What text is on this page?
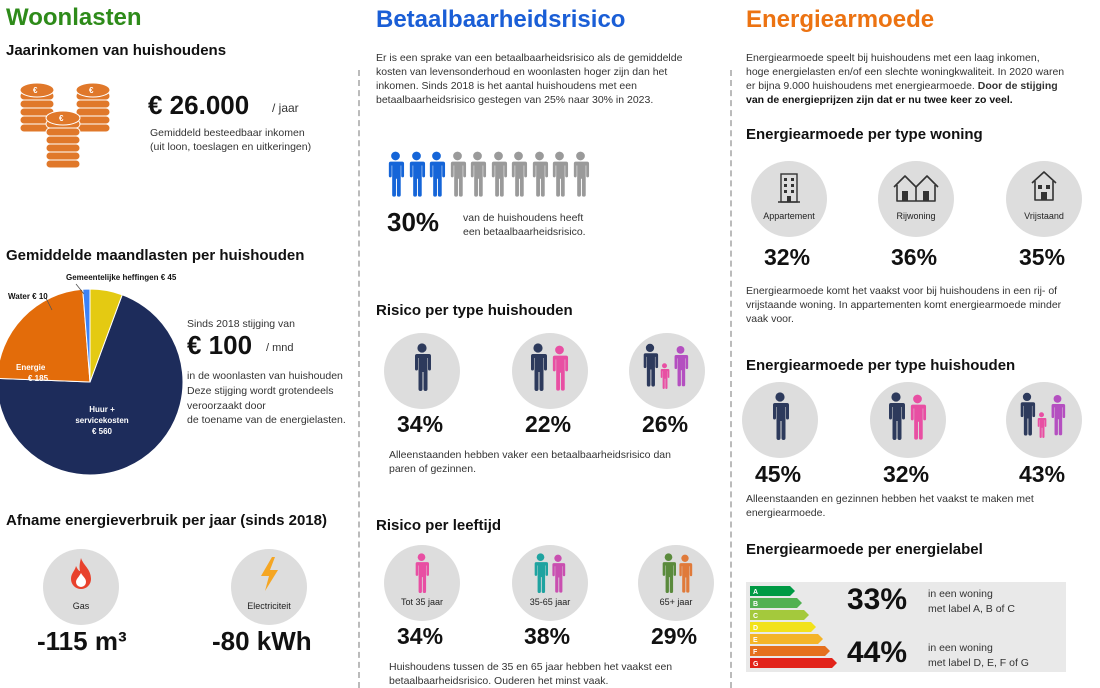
Woonlasten
Jaarinkomen van huishoudens
€	€
€	€ 26.000 / jaar
Gemiddeld besteedbaar inkomen
(uit loon, toeslagen en uitkeringen)
Gemiddelde maandlasten per huishouden
Gemeentelijke heffingen € 45
Water € 10
Energie
€ 185
Huur +
servicekosten
€ 560
Sinds 2018 stijging van
€ 100 / mnd
in de woonlasten van huishouden
Deze stijging wordt grotendeels
veroorzaakt door
de toename van de energielasten.
Afname energieverbruik per jaar (sinds 2018)
Gas
-115 m³
Electriciteit
-80 kWh
Betaalbaarheidsrisico
Er is een sprake van een betaalbaarheidsrisico als de gemiddelde
kosten van levensonderhoud en woonlasten hoger zijn dan het
inkomen. Sinds 2018 is het aantal huishoudens met een
betaalbaarheidsrisico gestegen van 25% naar 30% in 2023.
30% van de huishoudens heeft
een betaalbaarheidsrisico.
Risico per type huishouden
34%	22%	26%
Alleenstaanden hebben vaker een betaalbaarheidsrisico dan
paren of gezinnen.
Risico per leeftijd
Tot 35 jaar	35-65 jaar	65+ jaar
34%	38%	29%
Huishoudens tussen de 35 en 65 jaar hebben het vaakst een
betaalbaarheidsrisico. Ouderen het minst vaak.
Energiearmoede
Energiearmoede speelt bij huishoudens met een laag inkomen,
hoge energielasten en/of een slechte woningkwaliteit. In 2020 waren
er bijna 9.000 huishoudens met energiearmoede. Door de stijging
van de energieprijzen zijn dat er nu twee keer zo veel.
Energiearmoede per type woning
Appartement	Rijwoning	Vrijstaand
32%	36%	35%
Energiearmoede komt het vaakst voor bij huishoudens in een rij- of
vrijstaande woning. In appartementen komt energiearmoede minder
vaak voor.
Energiearmoede per type huishouden
45%	32%	43%
Alleenstaanden en gezinnen hebben het vaakst te maken met
energiearmoede.
Energiearmoede per energielabel
A
B
C
D
E
F
G
33% in een woning
met label A, B of C
44% in een woning
met label D, E, F of G
